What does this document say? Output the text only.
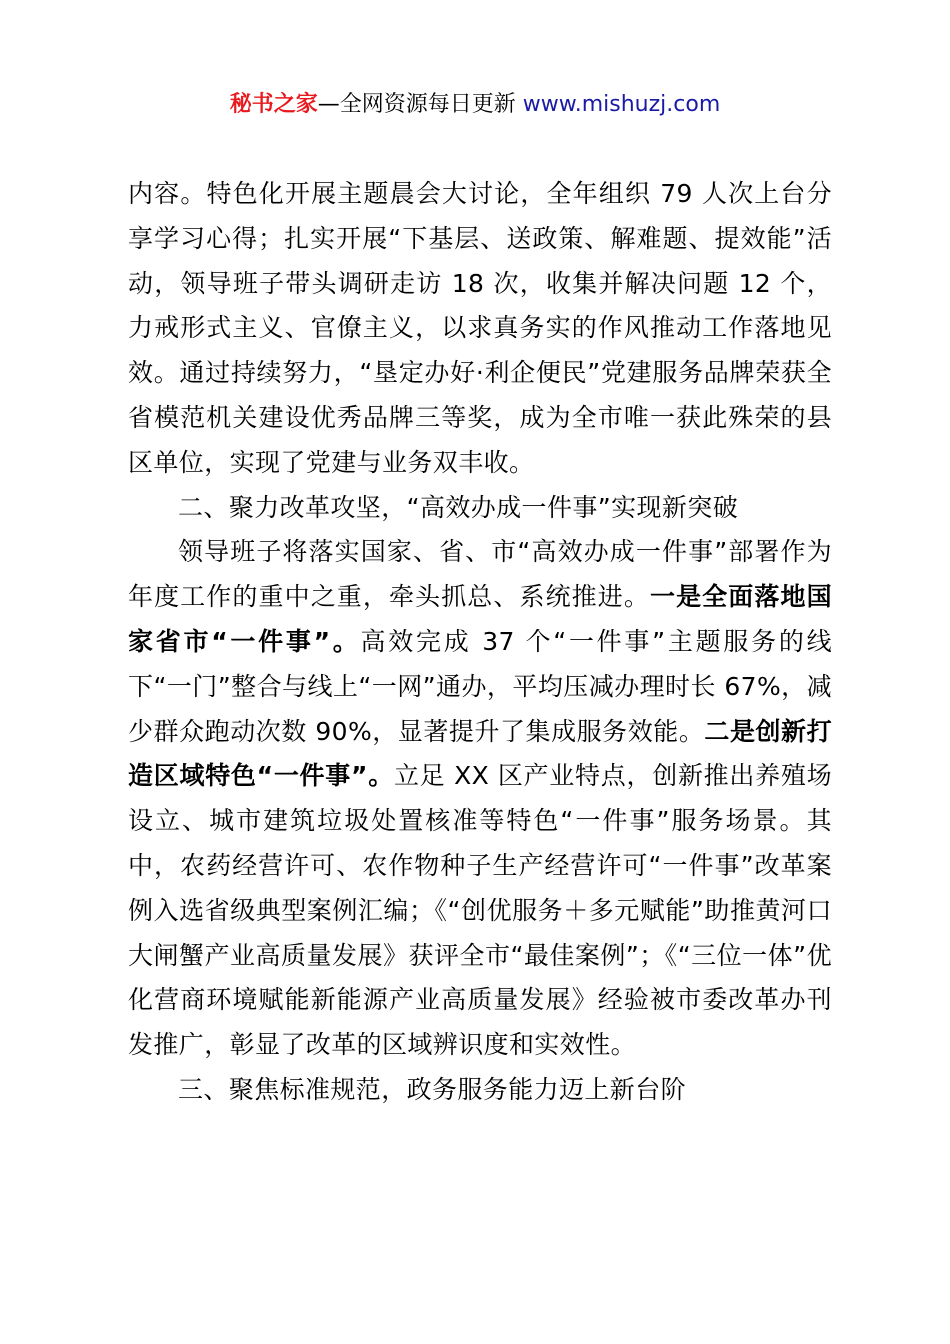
秘书之家—全网资源每日更新 www.mishuzj.com

内容。特色化开展主题晨会大讨论，全年组织 79 人次上台分享学习心得；扎实开展“下基层、送政策、解难题、提效能”活动，领导班子带头调研走访 18 次，收集并解决问题 12 个，力戒形式主义、官僚主义，以求真务实的作风推动工作落地见效。通过持续努力，“垦定办好·利企便民”党建服务品牌荣获全省模范机关建设优秀品牌三等奖，成为全市唯一获此殊荣的县区单位，实现了党建与业务双丰收。

二、聚力改革攻坚，“高效办成一件事”实现新突破

领导班子将落实国家、省、市“高效办成一件事”部署作为年度工作的重中之重，牵头抓总、系统推进。一是全面落地国家省市“一件事”。高效完成 37 个“一件事”主题服务的线下“一门”整合与线上“一网”通办，平均压减办理时长 67%，减少群众跑动次数 90%，显著提升了集成服务效能。二是创新打造区域特色“一件事”。立足 XX 区产业特点，创新推出养殖场设立、城市建筑垃圾处置核准等特色“一件事”服务场景。其中，农药经营许可、农作物种子生产经营许可“一件事”改革案例入选省级典型案例汇编；《“创优服务＋多元赋能”助推黄河口大闸蟹产业高质量发展》获评全市“最佳案例”；《“三位一体”优化营商环境赋能新能源产业高质量发展》经验被市委改革办刊发推广，彰显了改革的区域辨识度和实效性。

三、聚焦标准规范，政务服务能力迈上新台阶
